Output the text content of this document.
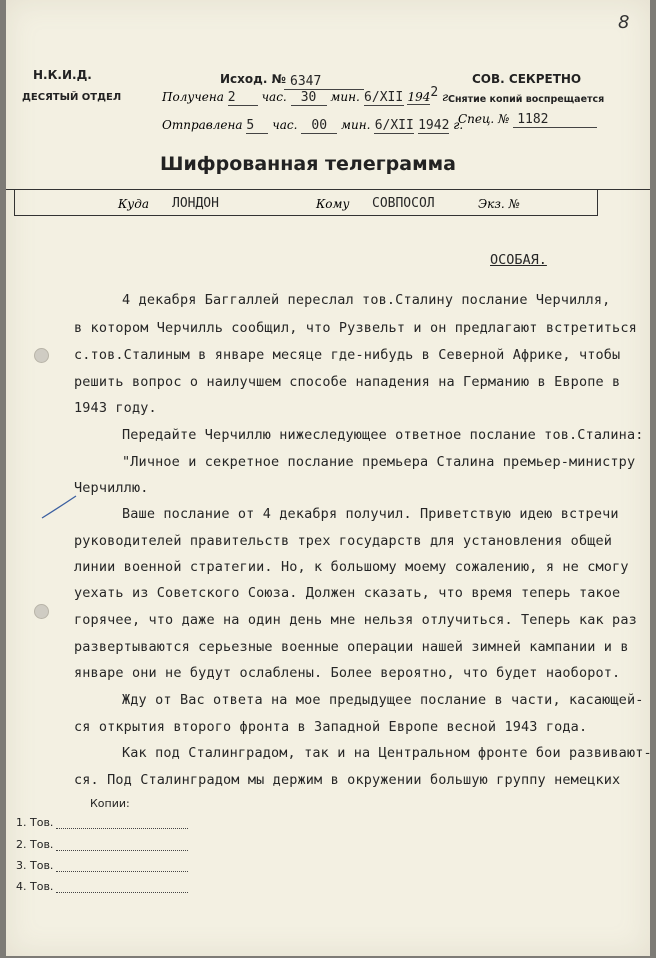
8
Н.К.И.Д.
ДЕСЯТЫЙ ОТДЕЛ
Исход. № 6347
Получена 2 час. 30 мин. 6/XII 1942 г.
Отправлена 5 час. 00 мин. 6/XII 1942 г.
СОВ. СЕКРЕТНО
Снятие копий воспрещается
Спец. № 1182
Шифрованная телеграмма
Куда ЛОНДОН	Кому СОВПОСОЛ	Экз. №
ОСОБАЯ.
4 декабря Баггаллей переслал тов.Сталину послание Черчилля,
в котором Черчилль сообщил, что Рузвельт и он предлагают встретиться
с.тов.Сталиным в январе месяце где-нибудь в Северной Африке, чтобы
решить вопрос о наилучшем способе нападения на Германию в Европе в
1943 году.
Передайте Черчиллю нижеследующее ответное послание тов.Сталина:
"Личное и секретное послание премьера Сталина премьер-министру
Черчиллю.
Ваше послание от 4 декабря получил. Приветствую идею встречи
руководителей правительств трех государств для установления общей
линии военной стратегии. Но, к большому моему сожалению, я не смогу
уехать из Советского Союза. Должен сказать, что время теперь такое
горячее, что даже на один день мне нельзя отлучиться. Теперь как раз
развертываются серьезные военные операции нашей зимней кампании и в
январе они не будут ослаблены. Более вероятно, что будет наоборот.
Жду от Вас ответа на мое предыдущее послание в части, касающей-
ся открытия второго фронта в Западной Европе весной 1943 года.
Как под Сталинградом, так и на Центральном фронте бои развивают-
ся. Под Сталинградом мы держим в окружении большую группу немецких
Копии:
1. Тов.
2. Тов.
3. Тов.
4. Тов.
